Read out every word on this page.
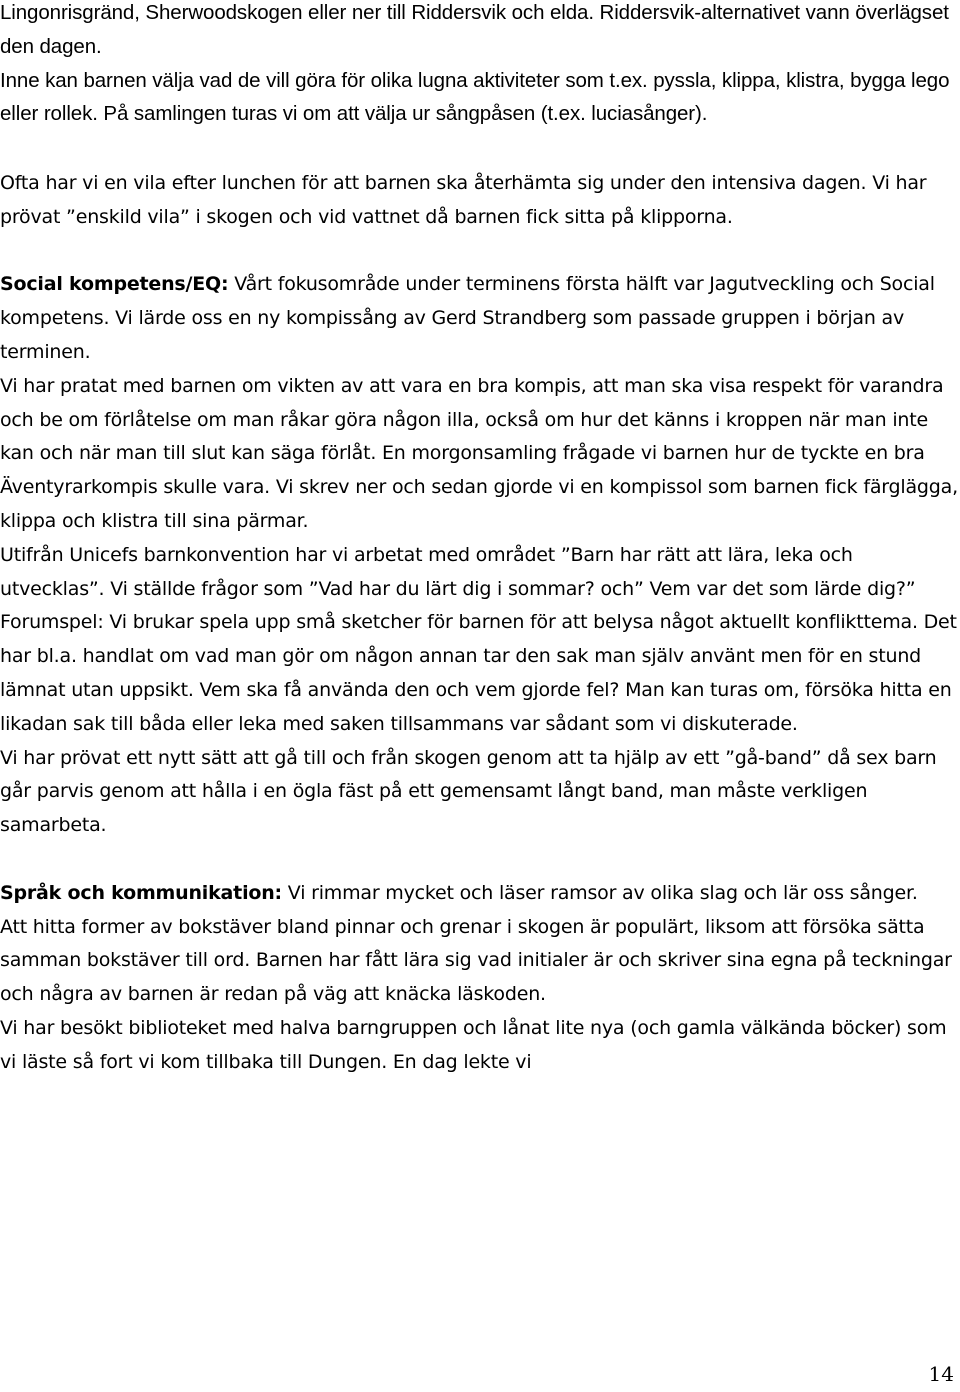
Lingonrisgränd, Sherwoodskogen eller ner till Riddersvik och elda. Riddersvik-alternativet vann överlägset den dagen.

Inne kan barnen välja vad de vill göra för olika lugna aktiviteter som t.ex. pyssla, klippa, klistra, bygga lego eller rollek. På samlingen turas vi om att välja ur sångpåsen (t.ex. luciasånger).

Ofta har vi en vila efter lunchen för att barnen ska återhämta sig under den intensiva dagen. Vi har prövat ”enskild vila” i skogen och vid vattnet då barnen fick sitta på klipporna.

Social kompetens/EQ: Vårt fokusområde under terminens första hälft var Jagutveckling och Social kompetens. Vi lärde oss en ny kompissång av Gerd Strandberg som passade gruppen i början av terminen.

Vi har pratat med barnen om vikten av att vara en bra kompis, att man ska visa respekt för varandra och be om förlåtelse om man råkar göra någon illa, också om hur det känns i kroppen när man inte kan och när man till slut kan säga förlåt. En morgonsamling frågade vi barnen hur de tyckte en bra Äventyrarkompis skulle vara. Vi skrev ner och sedan gjorde vi en kompissol som barnen fick färglägga, klippa och klistra till sina pärmar.

Utifrån Unicefs barnkonvention har vi arbetat med området ”Barn har rätt att lära, leka och utvecklas”. Vi ställde frågor som ”Vad har du lärt dig i sommar? och” Vem var det som lärde dig?”

Forumspel: Vi brukar spela upp små sketcher för barnen för att belysa något aktuellt konflikttema. Det har bl.a. handlat om vad man gör om någon annan tar den sak man själv använt men för en stund lämnat utan uppsikt. Vem ska få använda den och vem gjorde fel? Man kan turas om, försöka hitta en likadan sak till båda eller leka med saken tillsammans var sådant som vi diskuterade.

Vi har prövat ett nytt sätt att gå till och från skogen genom att ta hjälp av ett ”gå-band” då sex barn går parvis genom att hålla i en ögla fäst på ett gemensamt långt band, man måste verkligen samarbeta.

Språk och kommunikation: Vi rimmar mycket och läser ramsor av olika slag och lär oss sånger.

Att hitta former av bokstäver bland pinnar och grenar i skogen är populärt, liksom att försöka sätta samman bokstäver till ord. Barnen har fått lära sig vad initialer är och skriver sina egna på teckningar och några av barnen är redan på väg att knäcka läskoden.

Vi har besökt biblioteket med halva barngruppen och lånat lite nya (och gamla välkända böcker) som vi läste så fort vi kom tillbaka till Dungen. En dag lekte vi

14
